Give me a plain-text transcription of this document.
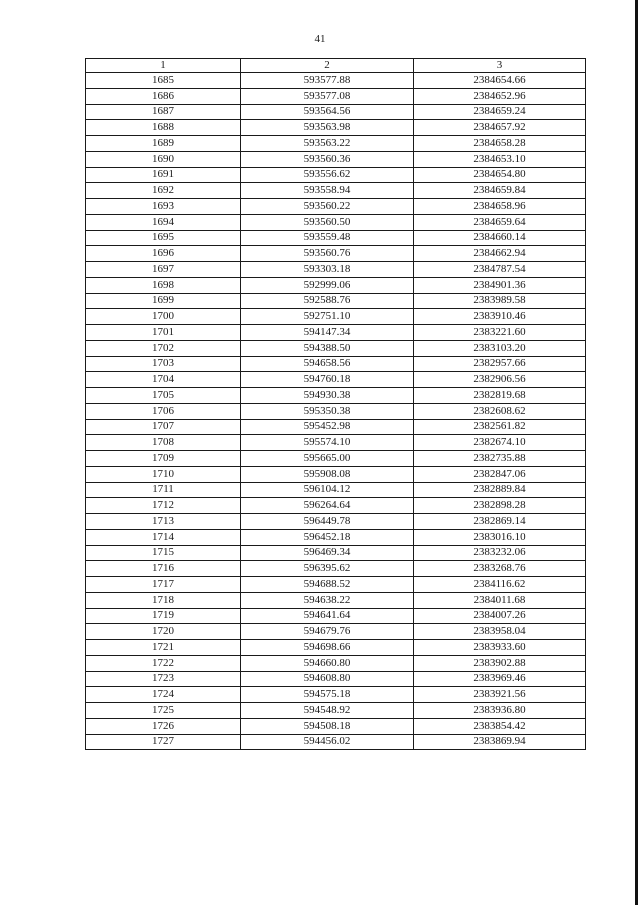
41
1	2	3
1685	593577.88	2384654.66
1686	593577.08	2384652.96
1687	593564.56	2384659.24
1688	593563.98	2384657.92
1689	593563.22	2384658.28
1690	593560.36	2384653.10
1691	593556.62	2384654.80
1692	593558.94	2384659.84
1693	593560.22	2384658.96
1694	593560.50	2384659.64
1695	593559.48	2384660.14
1696	593560.76	2384662.94
1697	593303.18	2384787.54
1698	592999.06	2384901.36
1699	592588.76	2383989.58
1700	592751.10	2383910.46
1701	594147.34	2383221.60
1702	594388.50	2383103.20
1703	594658.56	2382957.66
1704	594760.18	2382906.56
1705	594930.38	2382819.68
1706	595350.38	2382608.62
1707	595452.98	2382561.82
1708	595574.10	2382674.10
1709	595665.00	2382735.88
1710	595908.08	2382847.06
1711	596104.12	2382889.84
1712	596264.64	2382898.28
1713	596449.78	2382869.14
1714	596452.18	2383016.10
1715	596469.34	2383232.06
1716	596395.62	2383268.76
1717	594688.52	2384116.62
1718	594638.22	2384011.68
1719	594641.64	2384007.26
1720	594679.76	2383958.04
1721	594698.66	2383933.60
1722	594660.80	2383902.88
1723	594608.80	2383969.46
1724	594575.18	2383921.56
1725	594548.92	2383936.80
1726	594508.18	2383854.42
1727	594456.02	2383869.94
